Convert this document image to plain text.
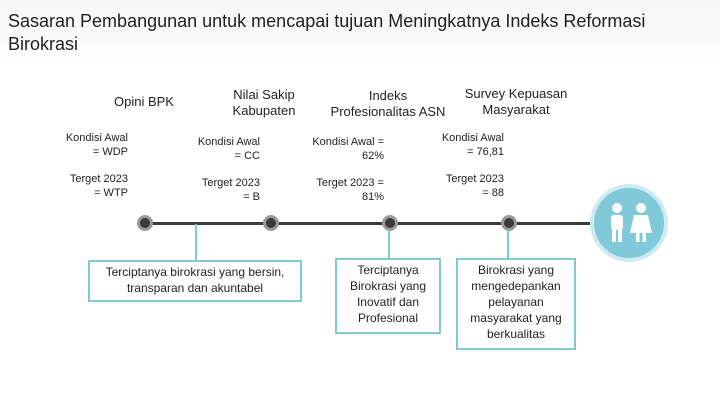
Sasaran Pembangunan untuk mencapai tujuan Meningkatnya Indeks Reformasi Birokrasi
Opini BPK	Nilai Sakip
Kabupaten
Indeks
Profesionalitas ASN
Survey Kepuasan
Masyarakat
Kondisi Awal
= WDP
Kondisi Awal
= CC
Kondisi Awal =
62%
Kondisi Awal
= 76,81
Terget 2023
= WTP
Terget 2023
= B
Terget 2023 =
81%
Terget 2023
= 88
Terciptanya birokrasi yang bersin, transparan dan akuntabel
Terciptanya Birokrasi yang Inovatif dan Profesional
Birokrasi yang mengedepankan pelayanan masyarakat yang berkualitas
